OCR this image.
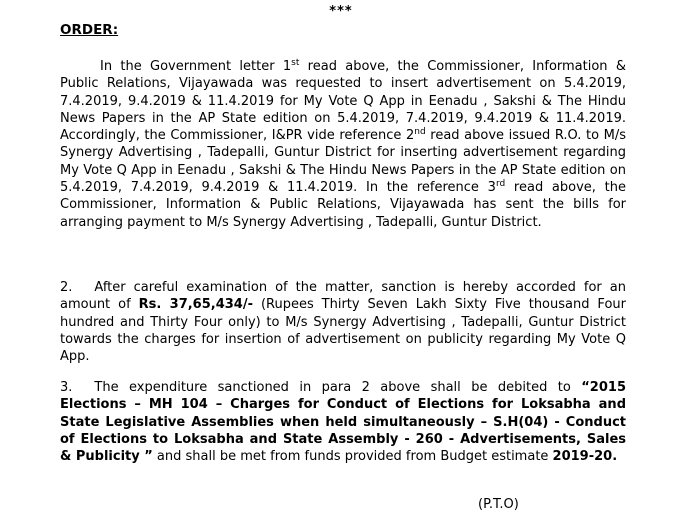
***
ORDER:
In the Government letter 1st read above, the Commissioner, Information & Public Relations, Vijayawada was requested to insert advertisement on 5.4.2019, 7.4.2019, 9.4.2019 & 11.4.2019 for My Vote Q App in Eenadu , Sakshi & The Hindu News Papers in the AP State edition on 5.4.2019, 7.4.2019, 9.4.2019 & 11.4.2019. Accordingly, the Commissioner, I&PR vide reference 2nd read above issued R.O. to M/s Synergy Advertising , Tadepalli, Guntur District for inserting advertisement regarding My Vote Q App in Eenadu , Sakshi & The Hindu News Papers in the AP State edition on 5.4.2019, 7.4.2019, 9.4.2019 & 11.4.2019. In the reference 3rd read above, the Commissioner, Information & Public Relations, Vijayawada has sent the bills for arranging payment to M/s Synergy Advertising , Tadepalli, Guntur District.
2. After careful examination of the matter, sanction is hereby accorded for an amount of Rs. 37,65,434/- (Rupees Thirty Seven Lakh Sixty Five thousand Four hundred and Thirty Four only) to M/s Synergy Advertising , Tadepalli, Guntur District towards the charges for insertion of advertisement on publicity regarding My Vote Q App.
3. The expenditure sanctioned in para 2 above shall be debited to “2015 Elections – MH 104 – Charges for Conduct of Elections for Loksabha and State Legislative Assemblies when held simultaneously – S.H(04) - Conduct of Elections to Loksabha and State Assembly - 260 - Advertisements, Sales & Publicity ” and shall be met from funds provided from Budget estimate 2019-20.
(P.T.O)
